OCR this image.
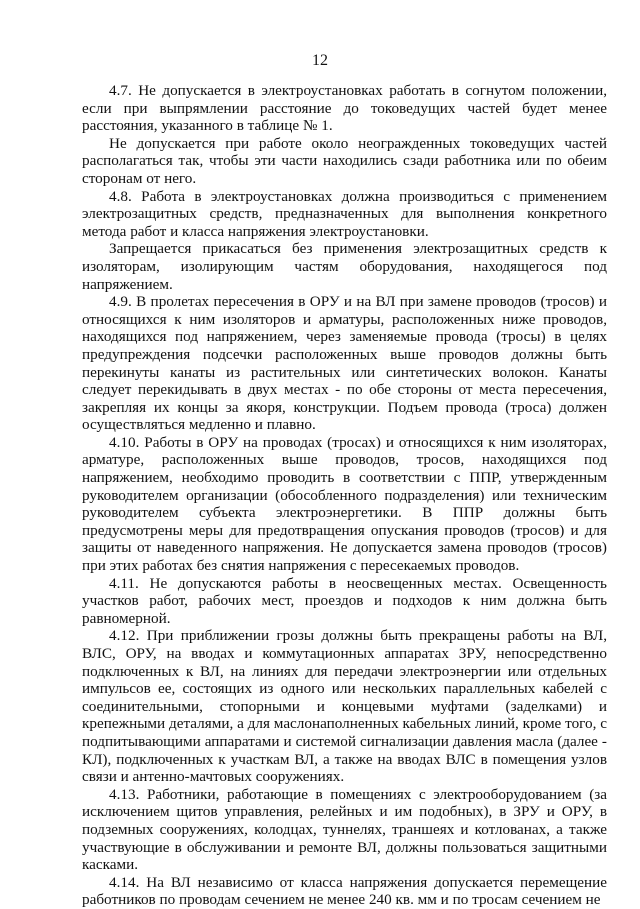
12

4.7. Не допускается в электроустановках работать в согнутом положении, если при выпрямлении расстояние до токоведущих частей будет менее расстояния, указанного в таблице № 1.

Не допускается при работе около неогражденных токоведущих частей располагаться так, чтобы эти части находились сзади работника или по обеим сторонам от него.

4.8. Работа в электроустановках должна производиться с применением электрозащитных средств, предназначенных для выполнения конкретного метода работ и класса напряжения электроустановки.

Запрещается прикасаться без применения электрозащитных средств к изоляторам, изолирующим частям оборудования, находящегося под напряжением.

4.9. В пролетах пересечения в ОРУ и на ВЛ при замене проводов (тросов) и относящихся к ним изоляторов и арматуры, расположенных ниже проводов, находящихся под напряжением, через заменяемые провода (тросы) в целях предупреждения подсечки расположенных выше проводов должны быть перекинуты канаты из растительных или синтетических волокон. Канаты следует перекидывать в двух местах - по обе стороны от места пересечения, закрепляя их концы за якоря, конструкции. Подъем провода (троса) должен осуществляться медленно и плавно.

4.10. Работы в ОРУ на проводах (тросах) и относящихся к ним изоляторах, арматуре, расположенных выше проводов, тросов, находящихся под напряжением, необходимо проводить в соответствии с ППР, утвержденным руководителем организации (обособленного подразделения) или техническим руководителем субъекта электроэнергетики. В ППР должны быть предусмотрены меры для предотвращения опускания проводов (тросов) и для защиты от наведенного напряжения. Не допускается замена проводов (тросов) при этих работах без снятия напряжения с пересекаемых проводов.

4.11. Не допускаются работы в неосвещенных местах. Освещенность участков работ, рабочих мест, проездов и подходов к ним должна быть равномерной.

4.12. При приближении грозы должны быть прекращены работы на ВЛ, ВЛС, ОРУ, на вводах и коммутационных аппаратах ЗРУ, непосредственно подключенных к ВЛ, на линиях для передачи электроэнергии или отдельных импульсов ее, состоящих из одного или нескольких параллельных кабелей с соединительными, стопорными и концевыми муфтами (заделками) и крепежными деталями, а для маслонаполненных кабельных линий, кроме того, с подпитывающими аппаратами и системой сигнализации давления масла (далее - КЛ), подключенных к участкам ВЛ, а также на вводах ВЛС в помещения узлов связи и антенно-мачтовых сооружениях.

4.13. Работники, работающие в помещениях с электрооборудованием (за исключением щитов управления, релейных и им подобных), в ЗРУ и ОРУ, в подземных сооружениях, колодцах, туннелях, траншеях и котлованах, а также участвующие в обслуживании и ремонте ВЛ, должны пользоваться защитными касками.

4.14. На ВЛ независимо от класса напряжения допускается перемещение работников по проводам сечением не менее 240 кв. мм и по тросам сечением не
